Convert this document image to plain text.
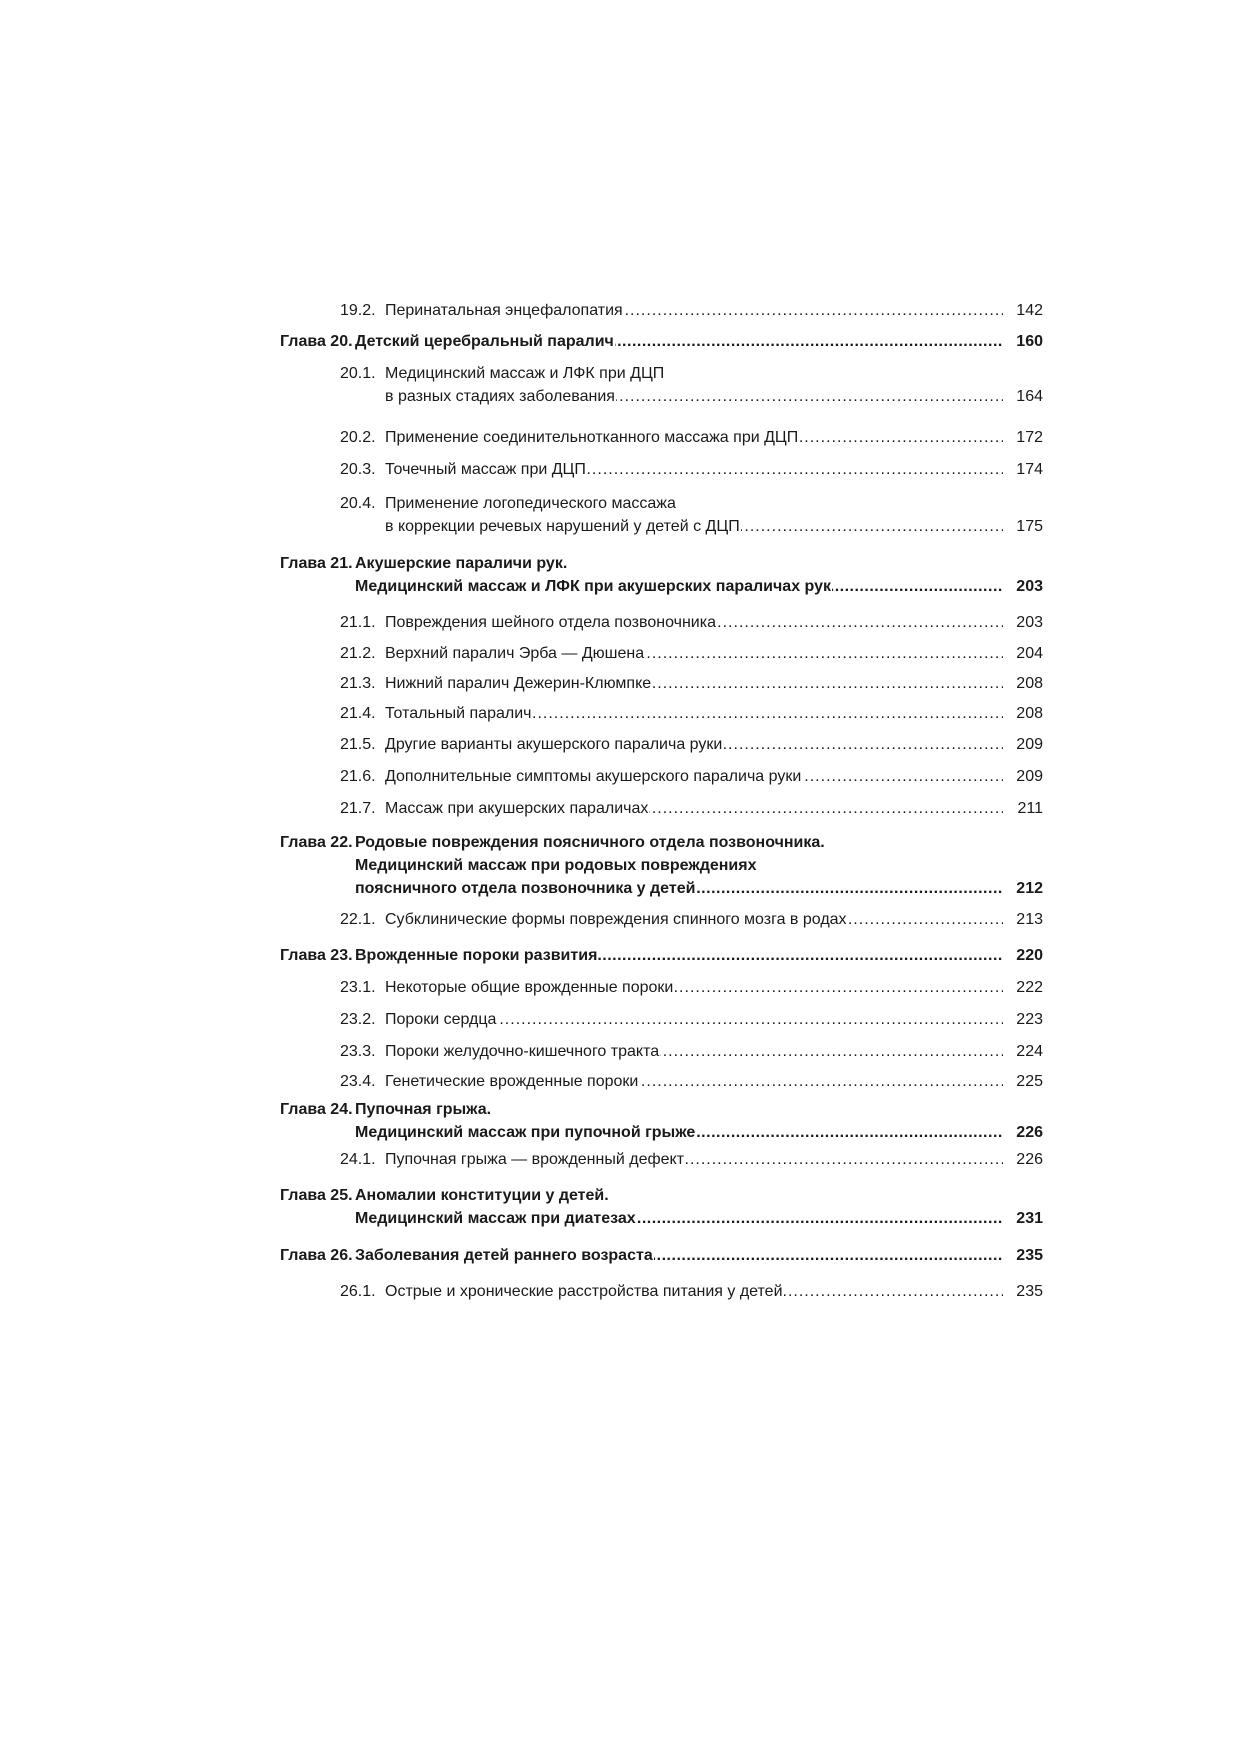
19.2. ..... Перинатальная энцефалопатия	142
Глава 20. ..... Детский церебральный паралич	160
20.1. Медицинский массаж и ЛФК при ДЦП
.....
в разных стадиях заболевания	164
20.2. ..... Применение соединительнотканного массажа при ДЦП	172
20.3. ..... Точечный массаж при ДЦП	174
20.4. Применение логопедического массажа
.....
в коррекции речевых нарушений у детей с ДЦП	175
Глава 21. Акушерские параличи рук.
.....
Медицинский массаж и ЛФК при акушерских параличах рук	203
21.1. ..... Повреждения шейного отдела позвоночника	203
21.2. ..... Верхний паралич Эрба — Дюшена	204
21.3. ..... Нижний паралич Дежерин-Клюмпке	208
21.4. ..... Тотальный паралич	208
21.5. ..... Другие варианты акушерского паралича руки	209
21.6. ..... Дополнительные симптомы акушерского паралича руки	209
21.7. ..... Массаж при акушерских параличах	211
Глава 22. Родовые повреждения поясничного отдела позвоночника.
Медицинский массаж при родовых повреждениях
.....
поясничного отдела позвоночника у детей	212
22.1. ..... Субклинические формы повреждения спинного мозга в родах	213
Глава 23. ..... Врожденные пороки развития	220
23.1. ..... Некоторые общие врожденные пороки	222
23.2. ..... Пороки сердца	223
23.3. ..... Пороки желудочно-кишечного тракта	224
23.4. ..... Генетические врожденные пороки	225
Глава 24. Пупочная грыжа.
.....
Медицинский массаж при пупочной грыже	226
24.1. ..... Пупочная грыжа — врожденный дефект	226
Глава 25. Аномалии конституции у детей.
.....
Медицинский массаж при диатезах	231
Глава 26. ..... Заболевания детей раннего возраста	235
26.1. ..... Острые и хронические расстройства питания у детей	235
